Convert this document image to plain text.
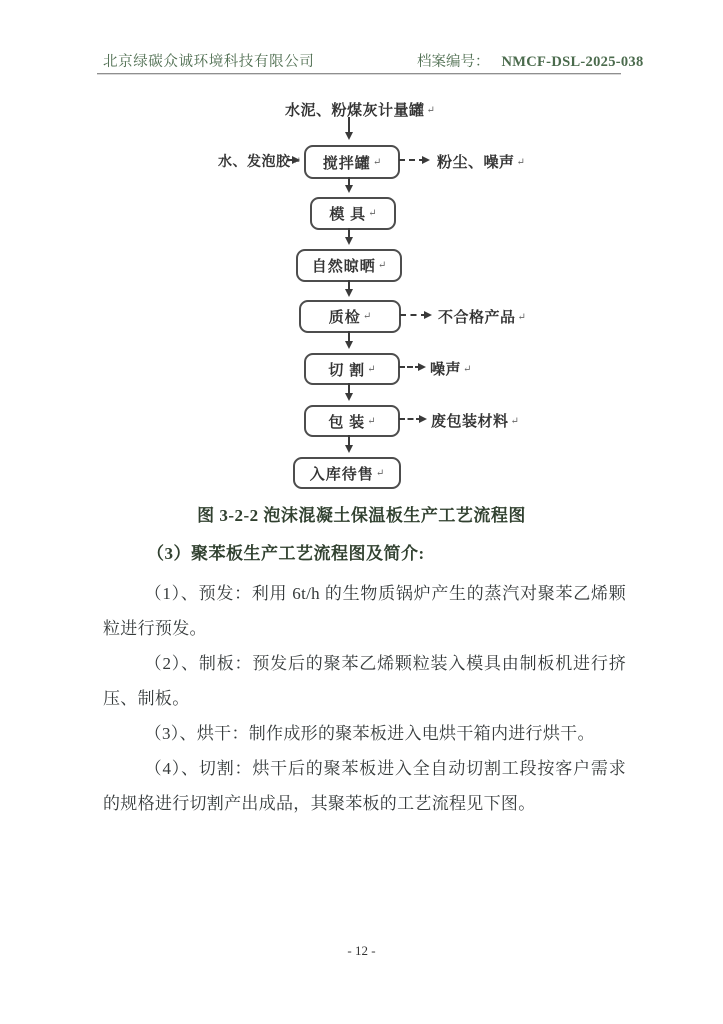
北京绿碳众诚环境科技有限公司	档案编号： NMCF-DSL-2025-038
水泥、粉煤灰计量罐 ↵
搅拌罐 ↵
水、发泡胶 ↵	粉尘、噪声 ↵
模 具 ↵
自然晾晒 ↵
质检 ↵	不合格产品 ↵
切 割 ↵	噪声 ↵
包 装 ↵	废包装材料 ↵
入库待售 ↵
图 3-2-2 泡沫混凝土保温板生产工艺流程图
（3）聚苯板生产工艺流程图及简介:

（1）、预发：利用 6t/h 的生物质锅炉产生的蒸汽对聚苯乙烯颗粒进行预发。

（2）、制板：预发后的聚苯乙烯颗粒装入模具由制板机进行挤压、制板。

（3）、烘干：制作成形的聚苯板进入电烘干箱内进行烘干。

（4）、切割：烘干后的聚苯板进入全自动切割工段按客户需求的规格进行切割产出成品，其聚苯板的工艺流程见下图。

- 12 -
